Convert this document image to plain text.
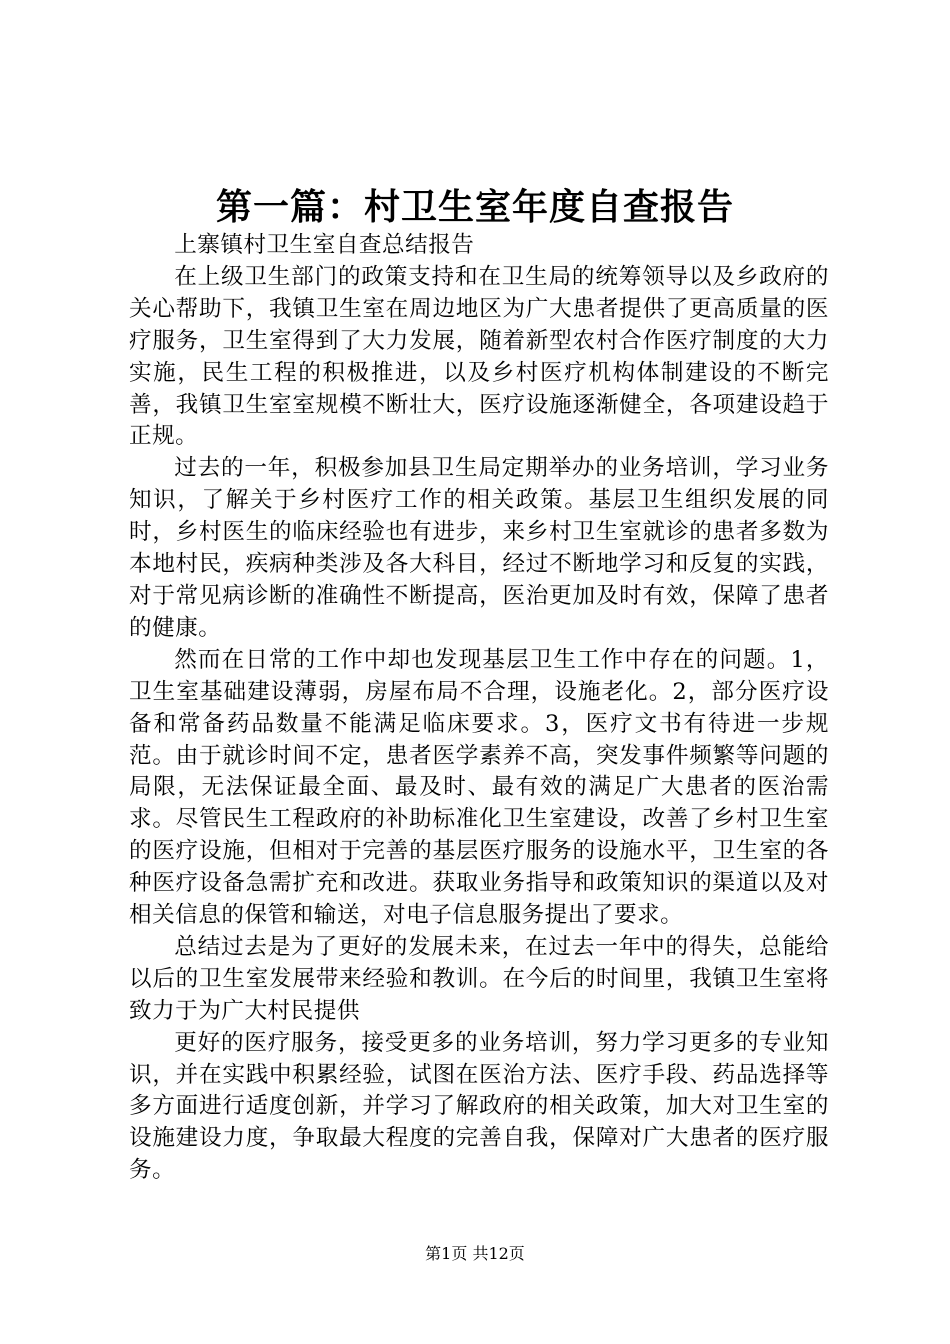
第一篇：村卫生室年度自查报告

上寨镇村卫生室自查总结报告

在上级卫生部门的政策支持和在卫生局的统筹领导以及乡政府的关心帮助下，我镇卫生室在周边地区为广大患者提供了更高质量的医疗服务，卫生室得到了大力发展，随着新型农村合作医疗制度的大力实施，民生工程的积极推进，以及乡村医疗机构体制建设的不断完善，我镇卫生室室规模不断壮大，医疗设施逐渐健全，各项建设趋于正规。

过去的一年，积极参加县卫生局定期举办的业务培训，学习业务知识，了解关于乡村医疗工作的相关政策。基层卫生组织发展的同时，乡村医生的临床经验也有进步，来乡村卫生室就诊的患者多数为本地村民，疾病种类涉及各大科目，经过不断地学习和反复的实践，对于常见病诊断的准确性不断提高，医治更加及时有效，保障了患者的健康。

然而在日常的工作中却也发现基层卫生工作中存在的问题。1，卫生室基础建设薄弱，房屋布局不合理，设施老化。2，部分医疗设备和常备药品数量不能满足临床要求。3，医疗文书有待进一步规范。由于就诊时间不定，患者医学素养不高，突发事件频繁等问题的局限，无法保证最全面、最及时、最有效的满足广大患者的医治需求。尽管民生工程政府的补助标准化卫生室建设，改善了乡村卫生室的医疗设施，但相对于完善的基层医疗服务的设施水平，卫生室的各种医疗设备急需扩充和改进。获取业务指导和政策知识的渠道以及对相关信息的保管和输送，对电子信息服务提出了要求。

总结过去是为了更好的发展未来，在过去一年中的得失，总能给以后的卫生室发展带来经验和教训。在今后的时间里，我镇卫生室将致力于为广大村民提供

更好的医疗服务，接受更多的业务培训，努力学习更多的专业知识，并在实践中积累经验，试图在医治方法、医疗手段、药品选择等多方面进行适度创新，并学习了解政府的相关政策，加大对卫生室的设施建设力度，争取最大程度的完善自我，保障对广大患者的医疗服务。

第1页 共12页
